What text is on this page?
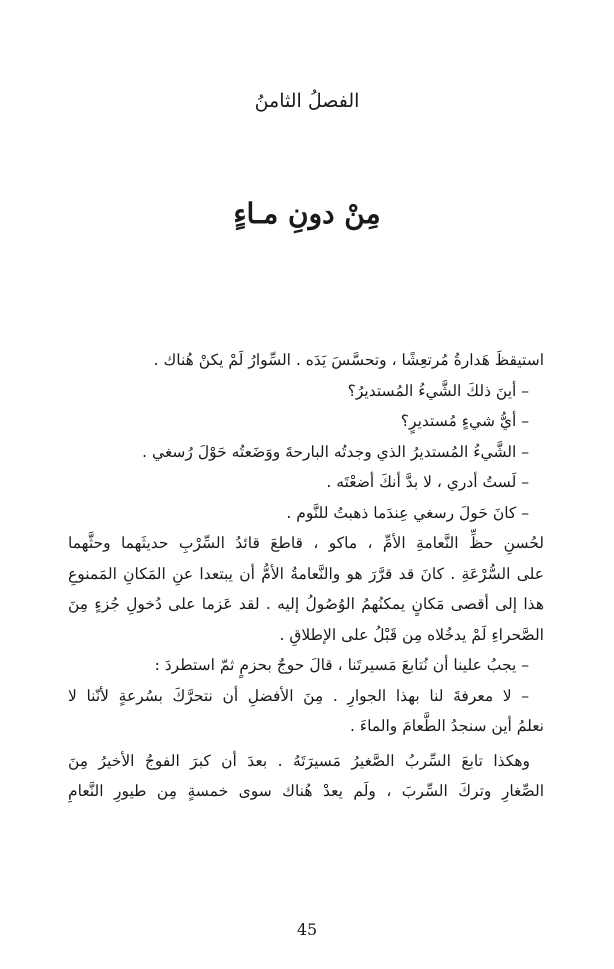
الفصلُ الثامنُ
مِنْ دونِ مـاءٍ
استيقظَ هَدارةُ مُرتعِشًا ، وتحسَّسَ يَدَه . السِّوارُ لَمْ يكنْ هُناك .
– أينَ ذلكَ الشَّيءُ المُستديرُ؟
– أيُّ شيءٍ مُستديرٍ؟
– الشَّيءُ المُستديرُ الذي وجدتُه البارحةَ ووَضَعتُه حَوْلَ رُسغي .
– لَستُ أدري ، لا بدَّ أنكَ أضعْتَه .
– كانَ حَولَ رسغي عِندَما ذهبتُ للنَّوم .
لحُسنِ حظِّ النَّعامةِ الأمِّ ، ماكو ، قاطعَ قائدُ السِّرْبِ حديثَهما وحثَّهما
على السُّرْعَةِ . كانَ قد قرَّرَ هو والنَّعامةُ الأمُّ أن يبتعدا عنِ المَكانِ المَمنوعِ
هذا إلى أقصى مَكانٍ يمكنُهمُ الوُصُولُ إليه . لقد عَزما على دُخولِ جُزءٍ مِنَ
الصَّحراءِ لَمْ يدخُلاه مِن قَبْلُ على الإطلاقِ .
– يجبُ علينا أن نُتابعَ مَسيرتَنا ، قالَ حوجٌ بحزمٍ ثمّ استطردَ :
– لا معرفةَ لنا بهذا الجوارِ . مِنَ الأفضلِ أن نتحرَّكَ بسُرعةٍ لأنّنا لا
نعلمُ أين سنجدُ الطَّعامَ والماءَ .
وهكذا تابعَ السِّربُ الصَّغيرُ مَسيرَتَهُ . بعدَ أن كبرَ الفوجُ الأخيرُ مِنَ
الصِّغارِ وتركَ السِّربَ ، ولَم يعدْ هُناك سوى خمسةٍ مِن طيورِ النَّعامِ
45
